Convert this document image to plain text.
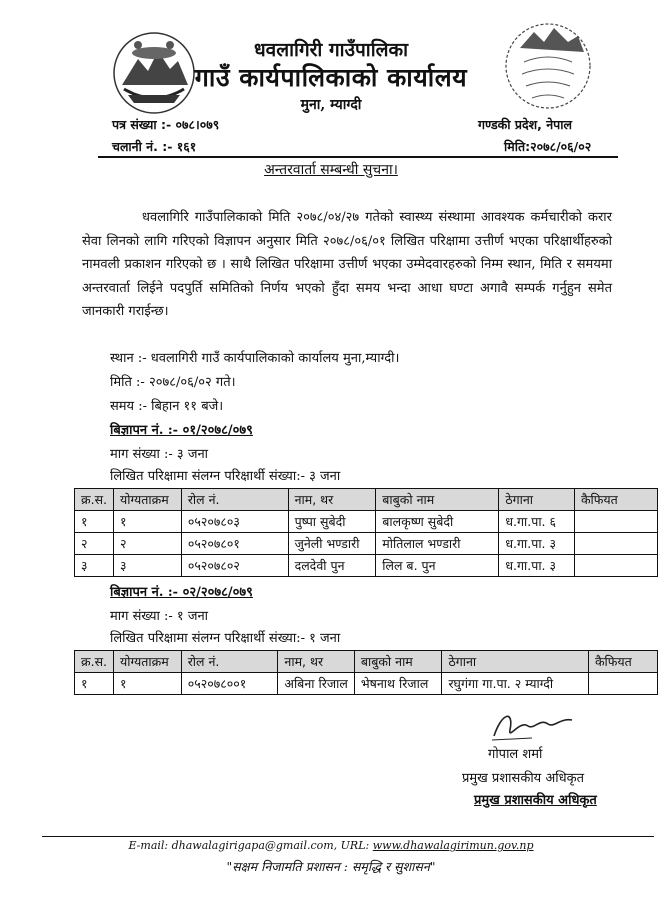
धवलागिरी गाउँपालिका
गाउँ कार्यपालिकाको कार्यालय
मुना, म्याग्दी
गण्डकी प्रदेश, नेपाल
पत्र संख्या :- ०७८।०७९
चलानी नं. :- १६१	मिति:२०७८/०६/०२
अन्तरवार्ता सम्बन्धी सुचना।
धवलागिरि गाउँपालिकाको मिति २०७८/०४/२७ गतेको स्वास्थ्य संस्थामा आवश्यक कर्मचारीको करार सेवा लिनको लागि गरिएको विज्ञापन अनुसार मिति २०७८/०६/०१ लिखित परिक्षामा उत्तीर्ण भएका परिक्षार्थीहरुको नामवली प्रकाशन गरिएको छ । साथै लिखित परिक्षामा उत्तीर्ण भएका उम्मेदवारहरुको निम्म स्थान, मिति र समयमा अन्तरवार्ता लिईने पदपुर्ति समितिको निर्णय भएको हुँदा समय भन्दा आधा घण्टा अगावै सम्पर्क गर्नुहुन समेत जानकारी गराईन्छ।
स्थान :- धवलागिरी गाउँ कार्यपालिकाको कार्यालय मुना,म्याग्दी।
मिति :- २०७८/०६/०२ गते।
समय :- बिहान ११ बजे।
बिज्ञापन नं. :- ०१/२०७८/०७९
माग संख्या :- ३ जना
लिखित परिक्षामा संलग्न परिक्षार्थी संख्या:- ३ जना
क्र.स.	योग्यताक्रम	रोल नं.	नाम, थर	बाबुको नाम	ठेगाना	कैफियत
१	१	०५२०७८०३	पुष्पा सुबेदी	बालकृष्ण सुबेदी	ध.गा.पा. ६	
२	२	०५२०७८०१	जुनेली भण्डारी	मोतिलाल भण्डारी	ध.गा.पा. ३	
३	३	०५२०७८०२	दलदेवी पुन	लिल ब. पुन	ध.गा.पा. ३	
बिज्ञापन नं. :- ०२/२०७८/०७९
माग संख्या :- १ जना
लिखित परिक्षामा संलग्न परिक्षार्थी संख्या:- १ जना
क्र.स.	योग्यताक्रम	रोल नं.	नाम, थर	बाबुको नाम	ठेगाना	कैफियत
१	१	०५२०७८००१	अबिना रिजाल	भेषनाथ रिजाल	रघुगंगा गा.पा. २ म्याग्दी	
गोपाल शर्मा
प्रमुख प्रशासकीय अधिकृत
प्रमुख प्रशासकीय अधिकृत
E-mail: dhawalagirigapa@gmail.com, URL: www.dhawalagirimun.gov.np
"सक्षम निजामति प्रशासन : समृद्धि र सुशासन"
